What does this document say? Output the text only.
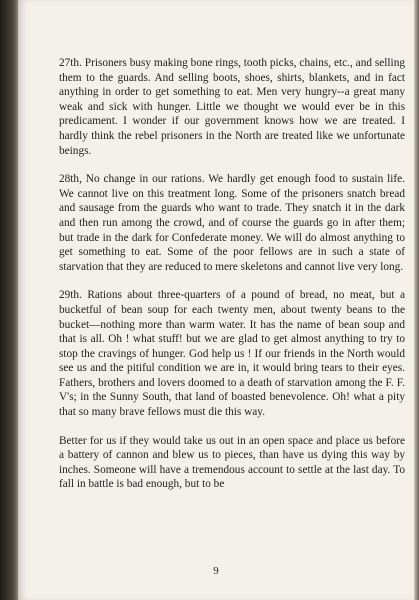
27th. Prisoners busy making bone rings, tooth picks, chains, etc., and selling them to the guards. And selling boots, shoes, shirts, blankets, and in fact anything in order to get something to eat. Men very hungry--a great many weak and sick with hunger. Little we thought we would ever be in this predicament. I wonder if our government knows how we are treated. I hardly think the rebel prisoners in the North are treated like we unfortunate beings.

28th, No change in our rations. We hardly get enough food to sustain life. We cannot live on this treatment long. Some of the prisoners snatch bread and sausage from the guards who want to trade. They snatch it in the dark and then run among the crowd, and of course the guards go in after them; but trade in the dark for Confederate money. We will do almost anything to get something to eat. Some of the poor fellows are in such a state of starvation that they are reduced to mere skeletons and cannot live very long.

29th. Rations about three-quarters of a pound of bread, no meat, but a bucketful of bean soup for each twenty men, about twenty beans to the bucket—nothing more than warm water. It has the name of bean soup and that is all. Oh ! what stuff! but we are glad to get almost anything to try to stop the cravings of hunger. God help us ! If our friends in the North would see us and the pitiful condition we are in, it would bring tears to their eyes. Fathers, brothers and lovers doomed to a death of starvation among the F. F. V's; in the Sunny South, that land of boasted benevolence. Oh! what a pity that so many brave fellows must die this way.

Better for us if they would take us out in an open space and place us before a battery of cannon and blew us to pieces, than have us dying this way by inches. Someone will have a tremendous account to settle at the last day. To fall in battle is bad enough, but to be

9
